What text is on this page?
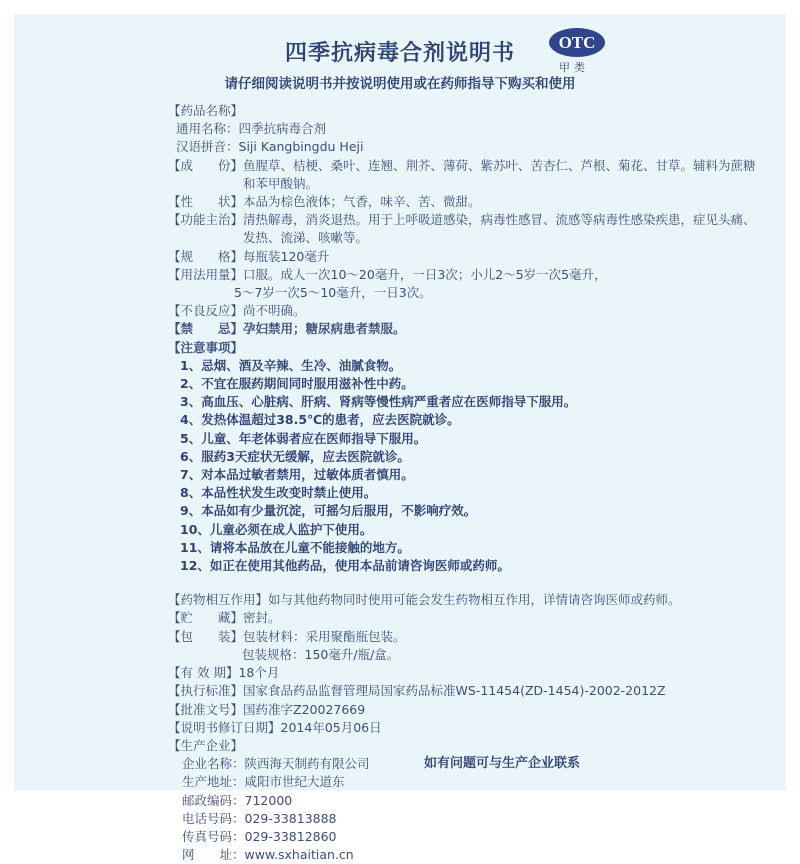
四季抗病毒合剂说明书	OTC
甲类
请仔细阅读说明书并按说明使用或在药师指导下购买和使用
【药品名称】
通用名称： 四季抗病毒合剂
汉语拼音： Siji Kangbingdu Heji
【成　　份】 鱼腥草、桔梗、桑叶、连翘、荆芥、薄荷、紫苏叶、苦杏仁、芦根、菊花、甘草。辅料为蔗糖和苯甲酸钠。
【性　　状】 本品为棕色液体；气香，味辛、苦、微甜。
【功能主治】 清热解毒，消炎退热。用于上呼吸道感染，病毒性感冒、流感等病毒性感染疾患，症见头痛、发热、流涕、咳嗽等。
【规　　格】 每瓶装120毫升
【用法用量】 口服。成人一次10～20毫升，一日3次；小儿2～5岁一次5毫升，
5～7岁一次5～10毫升，一日3次。
【不良反应】 尚不明确。
【禁　　忌】 孕妇禁用；糖尿病患者禁服。
【注意事项】
1、忌烟、酒及辛辣、生冷、油腻食物。
2、不宜在服药期间同时服用滋补性中药。
3、高血压、心脏病、肝病、肾病等慢性病严重者应在医师指导下服用。
4、发热体温超过38.5℃的患者，应去医院就诊。
5、儿童、年老体弱者应在医师指导下服用。
6、服药3天症状无缓解，应去医院就诊。
7、对本品过敏者禁用，过敏体质者慎用。
8、本品性状发生改变时禁止使用。
9、本品如有少量沉淀，可摇匀后服用，不影响疗效。
10、儿童必须在成人监护下使用。
11、请将本品放在儿童不能接触的地方。
12、如正在使用其他药品，使用本品前请咨询医师或药师。
【药物相互作用】 如与其他药物同时使用可能会发生药物相互作用，详情请咨询医师或药师。
【贮　　藏】 密封。
【包　　装】 包装材料：采用聚酯瓶包装。
包装规格：150毫升/瓶/盒。
【有 效 期】 18个月
【执行标准】 国家食品药品监督管理局国家药品标准WS-11454(ZD-1454)-2002-2012Z
【批准文号】 国药准字Z20027669
【说明书修订日期】 2014年05月06日
【生产企业】
企业名称： 陕西海天制药有限公司
生产地址： 咸阳市世纪大道东
邮政编码： 712000
电话号码： 029-33813888
传真号码： 029-33812860
网　　址： www.sxhaitian.cn
如有问题可与生产企业联系
